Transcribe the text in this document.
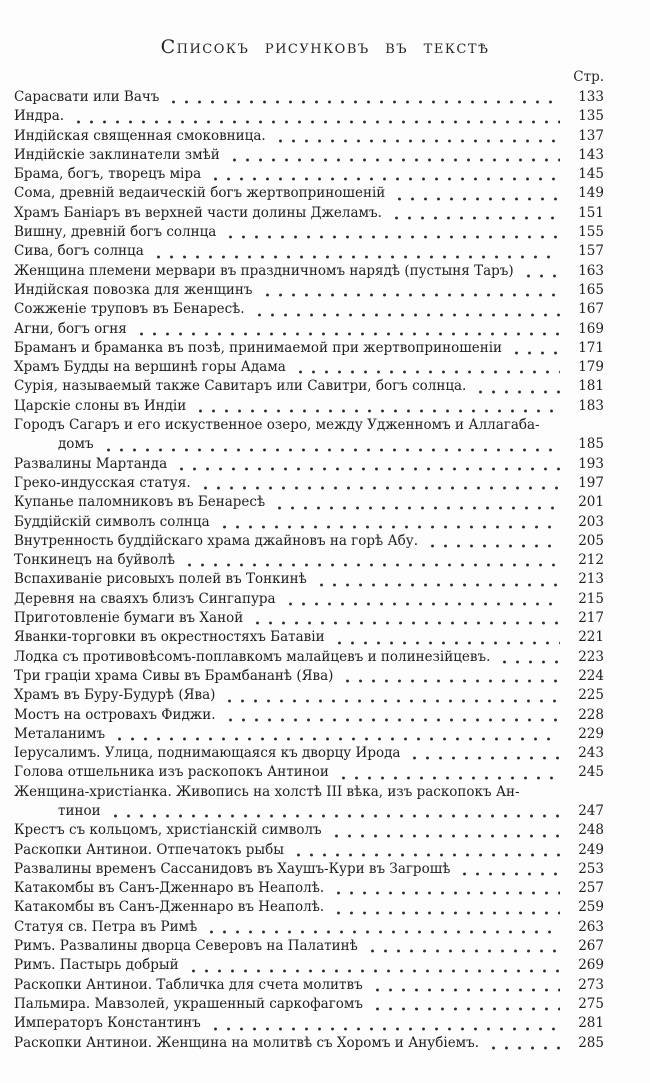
Списокъ рисунковъ въ текстѣ
Стр.
Сарасвати или Вачъ	133
Индра.	135
Индійская священная смоковница.	137
Индійскіе заклинатели змѣй	143
Брама, богъ, творецъ міра	145
Сома, древній ведаическій богъ жертвоприношеній	149
Храмъ Баніаръ въ верхней части долины Джеламъ.	151
Вишну, древній богъ солнца	155
Сива, богъ солнца	157
Женщина племени мервари въ праздничномъ нарядѣ (пустыня Таръ)	163
Индійская повозка для женщинъ	165
Сожженіе труповъ въ Бенаресѣ.	167
Агни, богъ огня	169
Браманъ и браманка въ позѣ, принимаемой при жертвоприношеніи	171
Храмъ Будды на вершинѣ горы Адама	179
Сурія, называемый также Савитаръ или Савитри, богъ солнца.	181
Царскіе слоны въ Индіи	183
Городъ Сагаръ и его искуственное озеро, между Удженномъ и Аллагаба-
домъ	185
Развалины Мартанда	193
Греко-индусская статуя.	197
Купанье паломниковъ въ Бенаресѣ	201
Буддійскій символъ солнца	203
Внутренность буддійскаго храма джайновъ на горѣ Абу.	205
Тонкинецъ на буйволѣ	212
Вспахиваніе рисовыхъ полей въ Тонкинѣ	213
Деревня на сваяхъ близъ Сингапура	215
Приготовленіе бумаги въ Ханой	217
Яванки-торговки въ окрестностяхъ Батавіи	221
Лодка съ противовѣсомъ-поплавкомъ малайцевъ и полинезійцевъ.	223
Три граціи храма Сивы въ Брамбананѣ (Ява)	224
Храмъ въ Буру-Будурѣ (Ява)	225
Мостъ на островахъ Фиджи.	228
Металанимъ	229
Іерусалимъ. Улица, поднимающаяся къ дворцу Ирода	243
Голова отшельника изъ раскопокъ Антинои	245
Женщина-христіанка. Живопись на холстѣ III вѣка, изъ раскопокъ Ан-
тинои	247
Крестъ съ кольцомъ, христіанскій символъ	248
Раскопки Антинои. Отпечатокъ рыбы	249
Развалины временъ Сассанидовъ въ Хаушъ-Кури въ Загрошѣ	253
Катакомбы въ Санъ-Дженнаро въ Неаполѣ.	257
Катакомбы въ Санъ-Дженнаро въ Неаполѣ.	259
Статуя св. Петра въ Римѣ	263
Римъ. Развалины дворца Северовъ на Палатинѣ	267
Римъ. Пастырь добрый	269
Раскопки Антинои. Табличка для счета молитвъ	273
Пальмира. Мавзолей, украшенный саркофагомъ	275
Императоръ Константинъ	281
Раскопки Антинои. Женщина на молитвѣ съ Хоромъ и Анубіемъ.	285
